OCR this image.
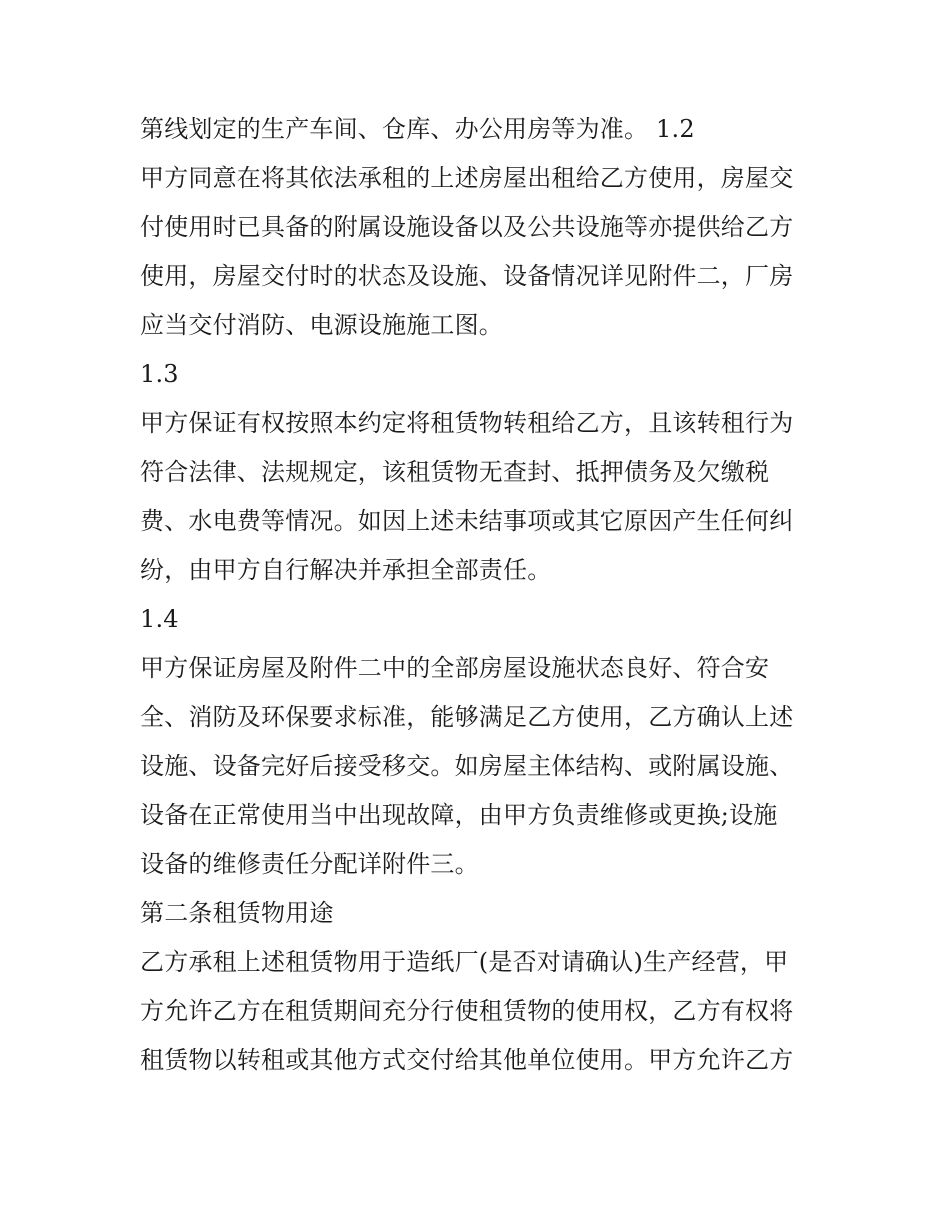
第线划定的生产车间、仓库、办公用房等为准。 1.2
甲方同意在将其依法承租的上述房屋出租给乙方使用，房屋交
付使用时已具备的附属设施设备以及公共设施等亦提供给乙方
使用，房屋交付时的状态及设施、设备情况详见附件二，厂房
应当交付消防、电源设施施工图。
1.3
甲方保证有权按照本约定将租赁物转租给乙方，且该转租行为
符合法律、法规规定，该租赁物无查封、抵押债务及欠缴税
费、水电费等情况。如因上述未结事项或其它原因产生任何纠
纷，由甲方自行解决并承担全部责任。
1.4
甲方保证房屋及附件二中的全部房屋设施状态良好、符合安
全、消防及环保要求标准，能够满足乙方使用，乙方确认上述
设施、设备完好后接受移交。如房屋主体结构、或附属设施、
设备在正常使用当中出现故障，由甲方负责维修或更换;设施
设备的维修责任分配详附件三。
第二条租赁物用途
乙方承租上述租赁物用于造纸厂(是否对请确认)生产经营，甲
方允许乙方在租赁期间充分行使租赁物的使用权，乙方有权将
租赁物以转租或其他方式交付给其他单位使用。甲方允许乙方
